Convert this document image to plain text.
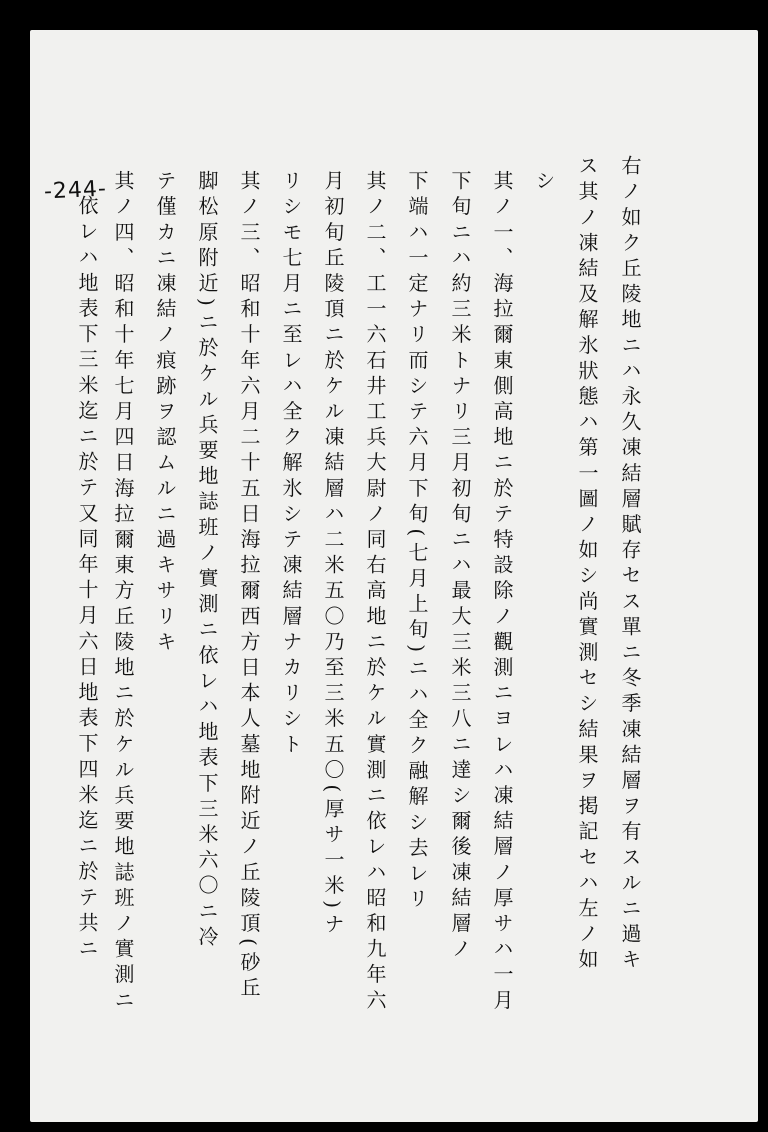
-244-	右ノ如ク丘陵地ニハ永久凍結層賦存セス單ニ冬季凍結層ヲ有スルニ過キ
ス其ノ凍結及解氷狀態ハ第一圖ノ如シ尚實測セシ結果ヲ掲記セハ左ノ如
シ
其ノ一、海拉爾東側高地ニ於テ特設除ノ觀測ニヨレハ凍結層ノ厚サハ一月
下旬ニハ約三米トナリ三月初旬ニハ最大三米三八ニ達シ爾後凍結層ノ
下端ハ一定ナリ而シテ六月下旬(七月上旬)ニハ全ク融解シ去レリ
其ノ二、工一六石井工兵大尉ノ同右高地ニ於ケル實測ニ依レハ昭和九年六
月初旬丘陵頂ニ於ケル凍結層ハ二米五〇乃至三米五〇(厚サ一米)ナ
リシモ七月ニ至レハ全ク解氷シテ凍結層ナカリシト
其ノ三、昭和十年六月二十五日海拉爾西方日本人墓地附近ノ丘陵頂(砂丘
脚松原附近)ニ於ケル兵要地誌班ノ實測ニ依レハ地表下三米六〇ニ冷
テ僅カニ凍結ノ痕跡ヲ認ムルニ過キサリキ
其ノ四、昭和十年七月四日海拉爾東方丘陵地ニ於ケル兵要地誌班ノ實測ニ
依レハ地表下三米迄ニ於テ又同年十月六日地表下四米迄ニ於テ共ニ
